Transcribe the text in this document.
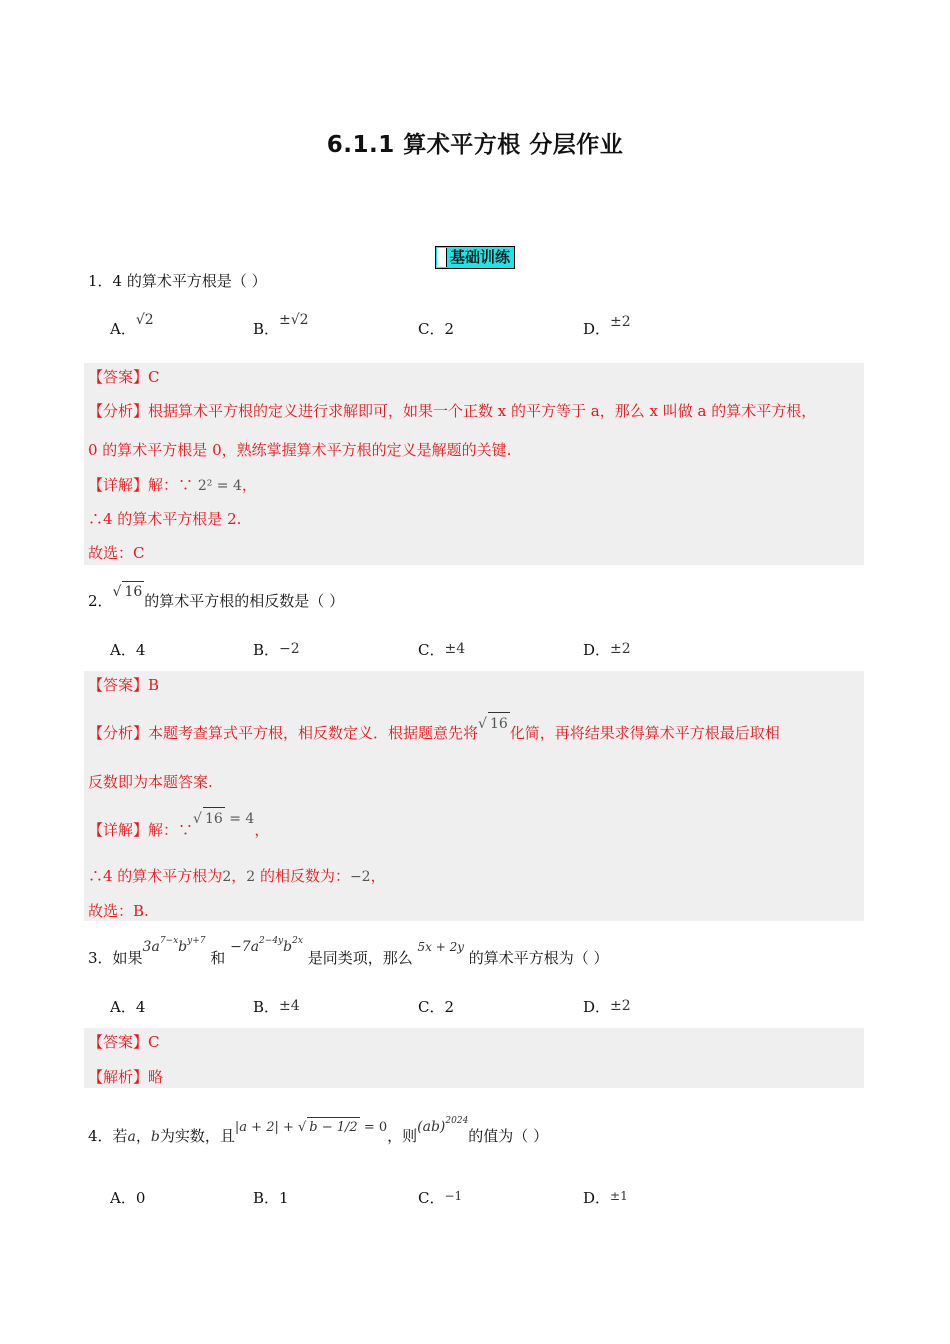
6.1.1 算术平方根 分层作业
基础训练
1．4 的算术平方根是（ ）
A．√2	B．±√2	C．2	D．±2
【答案】C
【分析】根据算术平方根的定义进行求解即可，如果一个正数 x 的平方等于 a，那么 x 叫做 a 的算术平方根，
0 的算术平方根是 0，熟练掌握算术平方根的定义是解题的关键.
【详解】解：∵ 2² = 4，
∴4 的算术平方根是 2.
故选：C
2．√ 16 的算术平方根的相反数是（ ）
A．4	B．−2	C．±4	D．±2
【答案】B
【分析】本题考查算式平方根，相反数定义．根据题意先将√ 16 化简，再将结果求得算术平方根最后取相
反数即为本题答案.
【详解】解：∵√ 16 = 4，
∴4 的算术平方根为2，2 的相反数为：−2，
故选：B.
3．如果$3a^{7-x}b^{y+7}$ 和 $-7a^{2-4y}b^{2x}$ 是同类项，那么 $^{5x + 2y}$ 的算术平方根为（ ）
A．4	B．±4	C．2	D．±2
【答案】C
【解析】略
4．若a，b为实数，且|a + 2| + √ b − 1/2 = 0，则(ab)$^{2024}$的值为（ ）
A．0	B．1	C．$^{-1}$	D．$^{\pm 1}$
